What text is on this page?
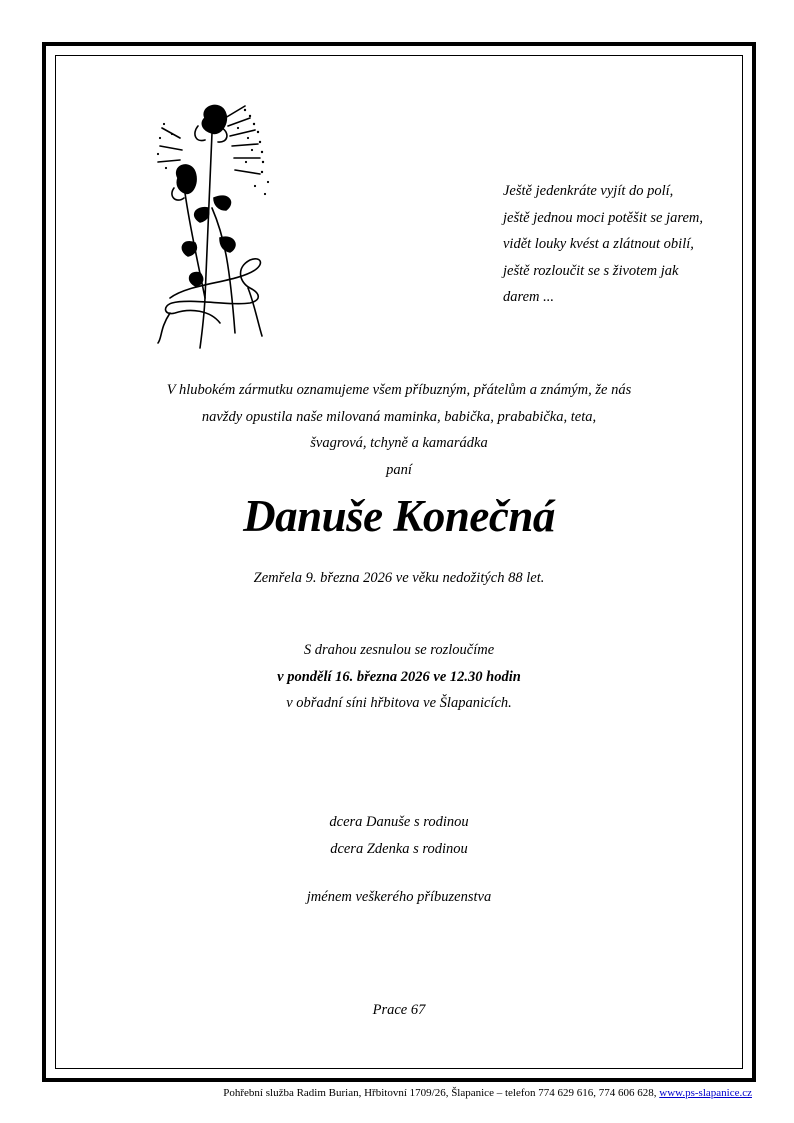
Ještě jedenkráte vyjít do polí,
ještě jednou moci potěšit se jarem,
vidět louky kvést a zlátnout obilí,
ještě rozloučit se s životem jak
darem ...
V hlubokém zármutku oznamujeme všem příbuzným, přátelům a známým, že nás
navždy opustila naše milovaná maminka, babička, prababička, teta,
švagrová, tchyně a kamarádka
paní
Danuše Konečná
Zemřela 9. března 2026 ve věku nedožitých 88 let.
S drahou zesnulou se rozloučíme
v pondělí 16. března 2026 ve 12.30 hodin
v obřadní síni hřbitova ve Šlapanicích.
dcera Danuše s rodinou
dcera Zdenka s rodinou
jménem veškerého příbuzenstva
Prace 67
Pohřební služba Radim Burian, Hřbitovní 1709/26, Šlapanice – telefon 774 629 616, 774 606 628, www.ps-slapanice.cz
